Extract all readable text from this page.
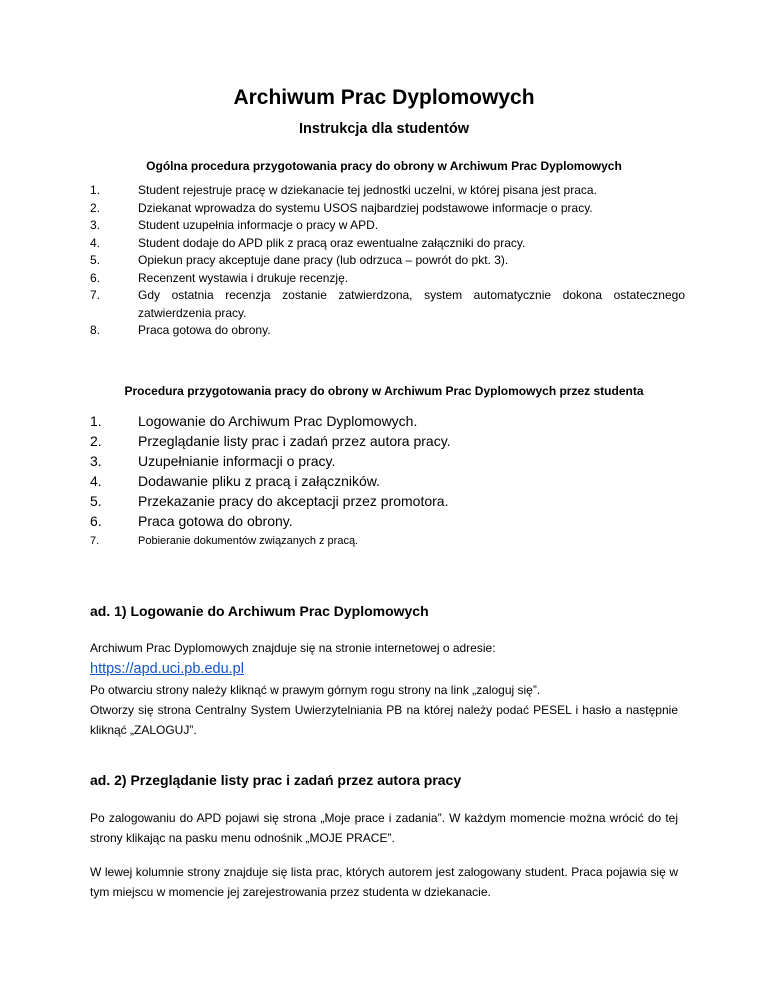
Archiwum Prac Dyplomowych

Instrukcja dla studentów

Ogólna procedura przygotowania pracy do obrony w Archiwum Prac Dyplomowych

1.	Student rejestruje pracę w dziekanacie tej jednostki uczelni, w której pisana jest praca.
2.	Dziekanat wprowadza do systemu USOS najbardziej podstawowe informacje o pracy.
3.	Student uzupełnia informacje o pracy w APD.
4.	Student dodaje do APD plik z pracą oraz ewentualne załączniki do pracy.
5.	Opiekun pracy akceptuje dane pracy (lub odrzuca – powrót do pkt. 3).
6.	Recenzent wystawia i drukuje recenzję.
7.	Gdy ostatnia recenzja zostanie zatwierdzona, system automatycznie dokona ostatecznego zatwierdzenia pracy.
8.	Praca gotowa do obrony.

Procedura przygotowania pracy do obrony w Archiwum Prac Dyplomowych przez studenta

1.	Logowanie do Archiwum Prac Dyplomowych.
2.	Przeglądanie listy prac i zadań przez autora pracy.
3.	Uzupełnianie informacji o pracy.
4.	Dodawanie pliku z pracą i załączników.
5.	Przekazanie pracy do akceptacji przez promotora.
6.	Praca gotowa do obrony.
7.	Pobieranie dokumentów związanych z pracą.
ad. 1) Logowanie do Archiwum Prac Dyplomowych
Archiwum Prac Dyplomowych znajduje się na stronie internetowej o adresie:
https://apd.uci.pb.edu.pl
Po otwarciu strony należy kliknąć w prawym górnym rogu strony na link „zaloguj się”.
Otworzy się strona Centralny System Uwierzytelniania PB na której należy podać PESEL i hasło a następnie kliknąć „ZALOGUJ”.
ad. 2) Przeglądanie listy prac i zadań przez autora pracy

Po zalogowaniu do APD pojawi się strona „Moje prace i zadania”. W każdym momencie można wrócić do tej strony klikając na pasku menu odnośnik „MOJE PRACE”.

W lewej kolumnie strony znajduje się lista prac, których autorem jest zalogowany student. Praca pojawia się w tym miejscu w momencie jej zarejestrowania przez studenta w dziekanacie.
